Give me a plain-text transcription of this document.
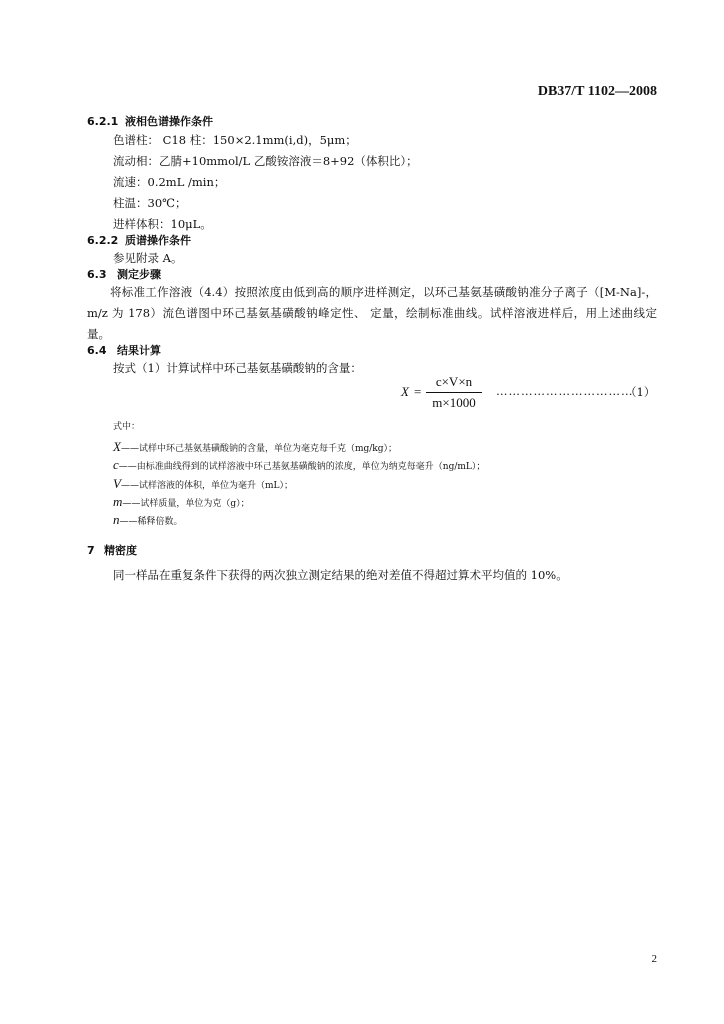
DB37/T 1102—2008
6.2.1 液相色谱操作条件
色谱柱： C18 柱：150×2.1mm(i,d)，5μm；
流动相：乙腈+10mmol/L 乙酸铵溶液＝8+92（体积比）；
流速：0.2mL /min；
柱温：30℃；
进样体积：10μL。
6.2.2 质谱操作条件
参见附录 A。
6.3 测定步骤
将标准工作溶液（4.4）按照浓度由低到高的顺序进样测定，以环己基氨基磺酸钠准分子离子（[M-Na]-，m/z 为 178）流色谱图中环己基氨基磺酸钠峰定性、 定量，绘制标准曲线。试样溶液进样后，用上述曲线定量。
6.4 结果计算
按式（1）计算试样中环己基氨基磺酸钠的含量：
X =
c×V×n
m×1000
……………………………
（1）
式中：
X——试样中环己基氨基磺酸钠的含量，单位为毫克每千克（mg/kg）；
c——由标准曲线得到的试样溶液中环己基氨基磺酸钠的浓度，单位为纳克每毫升（ng/mL）；
V——试样溶液的体积，单位为毫升（mL）；
m——试样质量，单位为克（g）；
n——稀释倍数。
7 精密度
同一样品在重复条件下获得的两次独立测定结果的绝对差值不得超过算术平均值的 10%。
2
